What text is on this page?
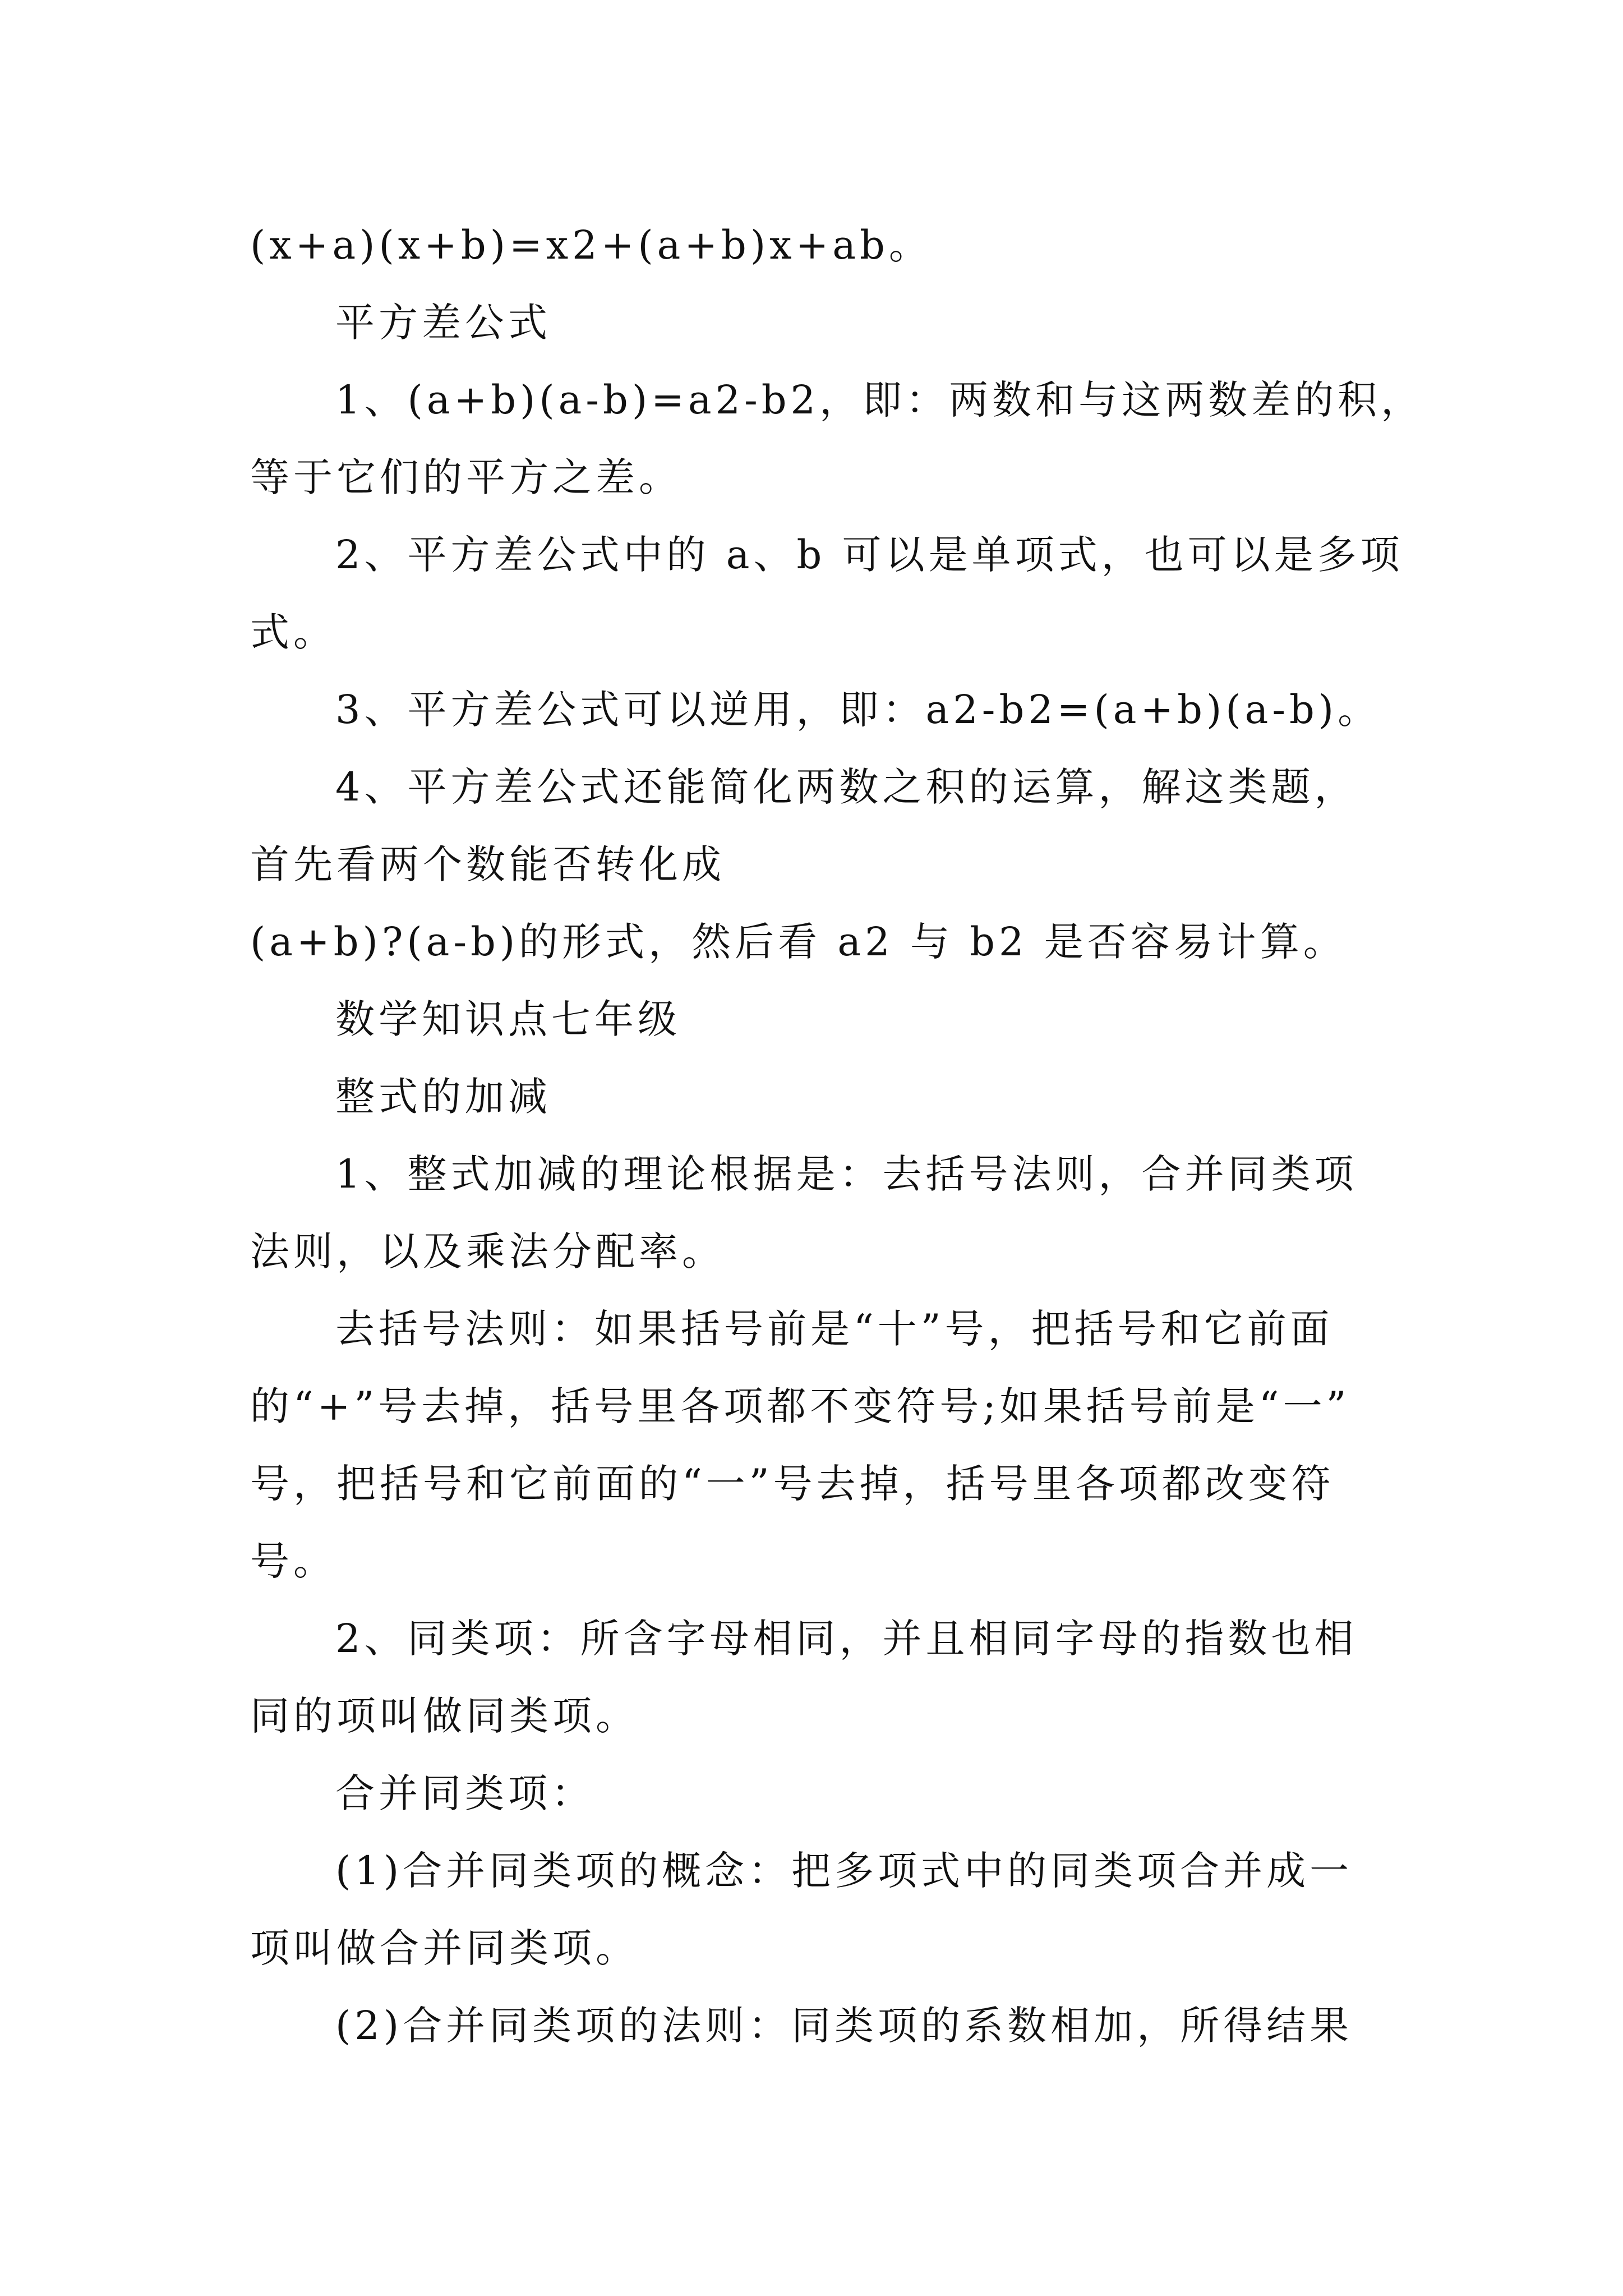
(x+a)(x+b)=x2+(a+b)x+ab。

平方差公式

1、(a+b)(a-b)=a2-b2，即：两数和与这两数差的积，

等于它们的平方之差。

2、平方差公式中的 a、b 可以是单项式，也可以是多项

式。

3、平方差公式可以逆用，即：a2-b2=(a+b)(a-b)。

4、平方差公式还能简化两数之积的运算，解这类题，

首先看两个数能否转化成

(a+b)?(a-b)的形式，然后看 a2 与 b2 是否容易计算。

数学知识点七年级

整式的加减

1、整式加减的理论根据是：去括号法则，合并同类项

法则，以及乘法分配率。

去括号法则：如果括号前是“十”号，把括号和它前面

的“+”号去掉，括号里各项都不变符号;如果括号前是“一”

号，把括号和它前面的“一”号去掉，括号里各项都改变符

号。

2、同类项：所含字母相同，并且相同字母的指数也相

同的项叫做同类项。

合并同类项：

(1)合并同类项的概念：把多项式中的同类项合并成一

项叫做合并同类项。

(2)合并同类项的法则：同类项的系数相加，所得结果
